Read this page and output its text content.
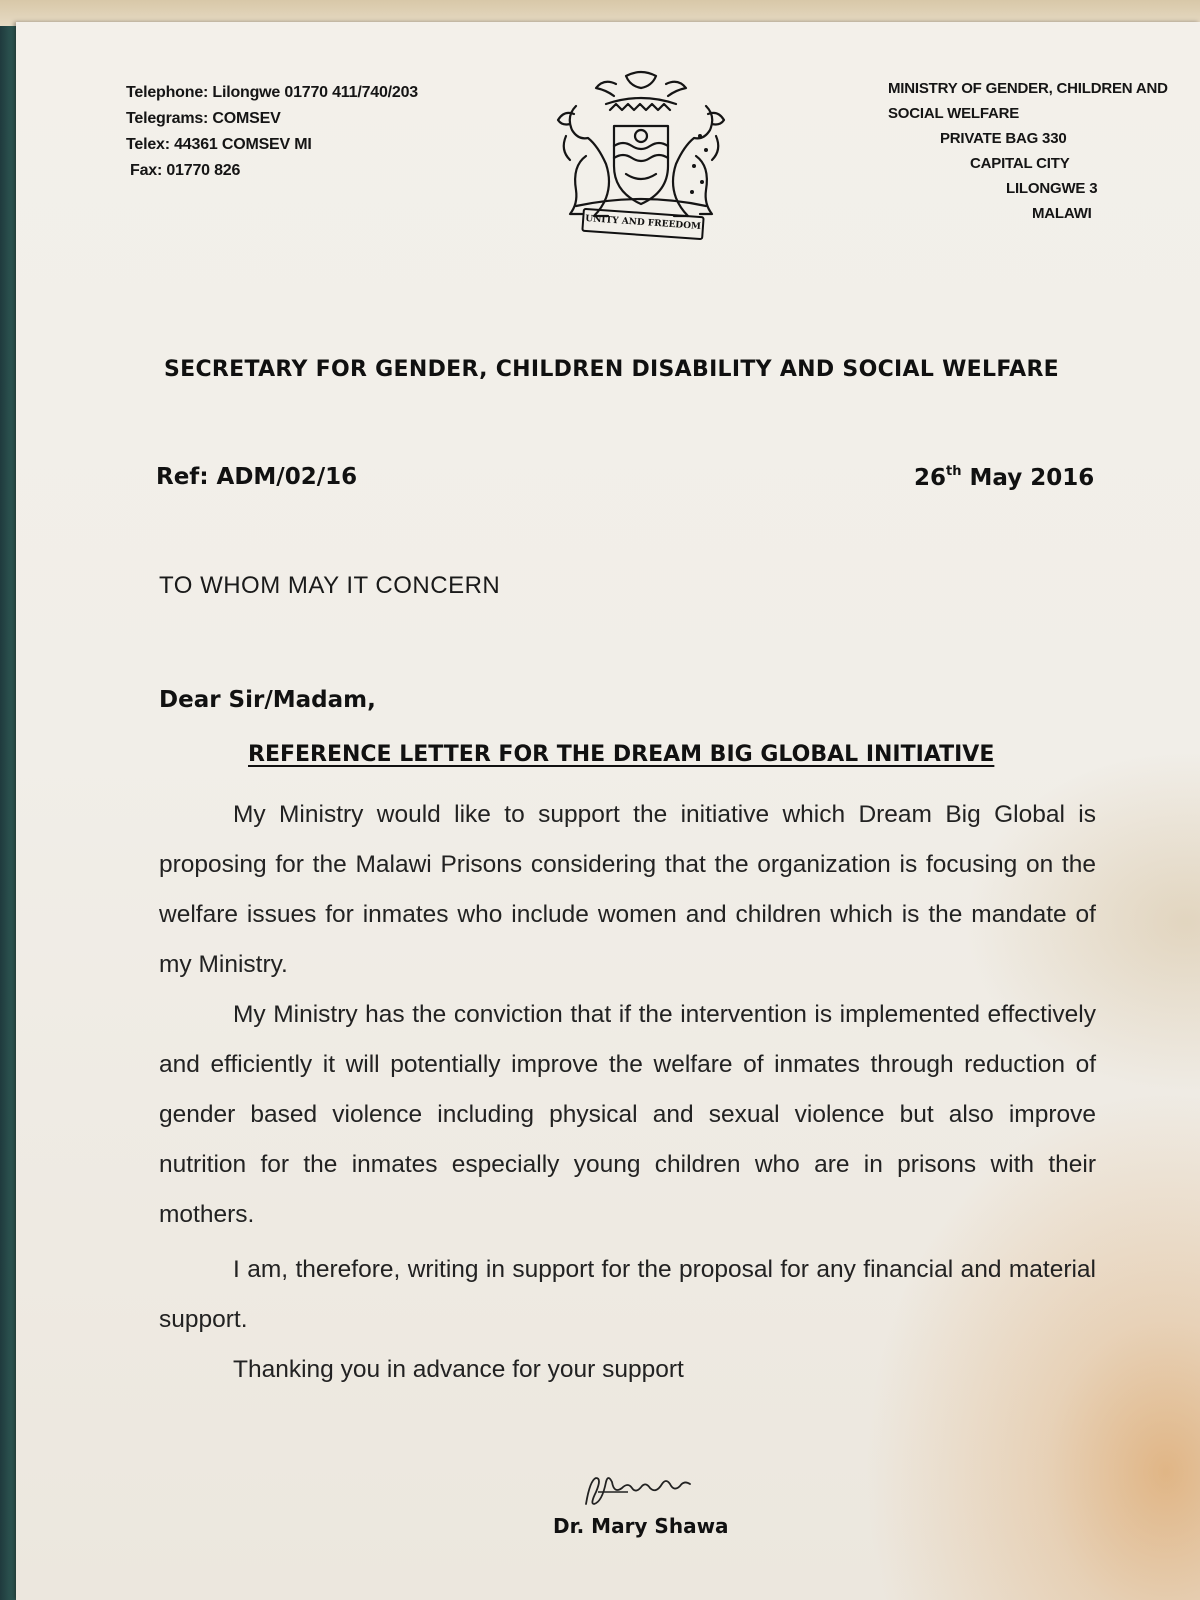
Telephone: Lilongwe 01770 411/740/203
Telegrams: COMSEV
Telex: 44361 COMSEV MI
Fax: 01770 826
UNITY AND FREEDOM
MINISTRY OF GENDER, CHILDREN AND
SOCIAL WELFARE
PRIVATE BAG 330
CAPITAL CITY
LILONGWE 3
MALAWI
SECRETARY FOR GENDER, CHILDREN DISABILITY AND SOCIAL WELFARE
Ref: ADM/02/16	26th May 2016
TO WHOM MAY IT CONCERN
Dear Sir/Madam,
REFERENCE LETTER FOR THE DREAM BIG GLOBAL INITIATIVE

My Ministry would like to support the initiative which Dream Big Global is proposing for the Malawi Prisons considering that the organization is focusing on the welfare issues for inmates who include women and children which is the mandate of my Ministry.

My Ministry has the conviction that if the intervention is implemented effectively and efficiently it will potentially improve the welfare of inmates through reduction of gender based violence including physical and sexual violence but also improve nutrition for the inmates especially young children who are in prisons with their mothers.

I am, therefore, writing in support for the proposal for any financial and material support.

Thanking you in advance for your support

Dr. Mary Shawa
